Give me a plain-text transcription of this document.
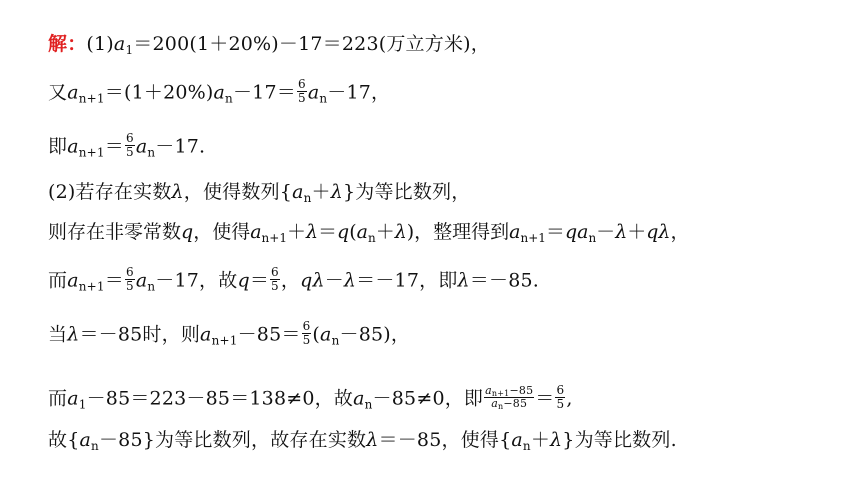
解：$(1)a_1=200(1+20\%)-17=223$(万立方米)，
又$a_{n+1}=(1+20\%)a_n-17= \frac{6}{5} a_n-17$，
即$a_{n+1}= \frac{6}{5} a_n-17$.
(2)若存在实数λ，使得数列$\{a_n+\lambda\}$为等比数列，
则存在非零常数q，使得$a_{n+1}+\lambda=q(a_n+\lambda)$，整理得到$a_{n+1}=qa_n-\lambda+q\lambda$，
而$a_{n+1}= \frac{6}{5} a_n-17$，故$q= \frac{6}{5}$ ，qλ－λ＝－17，即λ＝－85.
当λ＝－85时，则$a_{n+1}-85= \frac{6}{5} (a_n-85)$，
而$a_1-85=223-85=138\ne 0$，故$a_n-85\ne 0$，即 $\frac{a_{n+1}-85}{a_n-85} = \frac{6}{5}$ ,
故$\{a_n-85\}$为等比数列，故存在实数λ＝－85，使得$\{a_n+\lambda\}$为等比数列.
